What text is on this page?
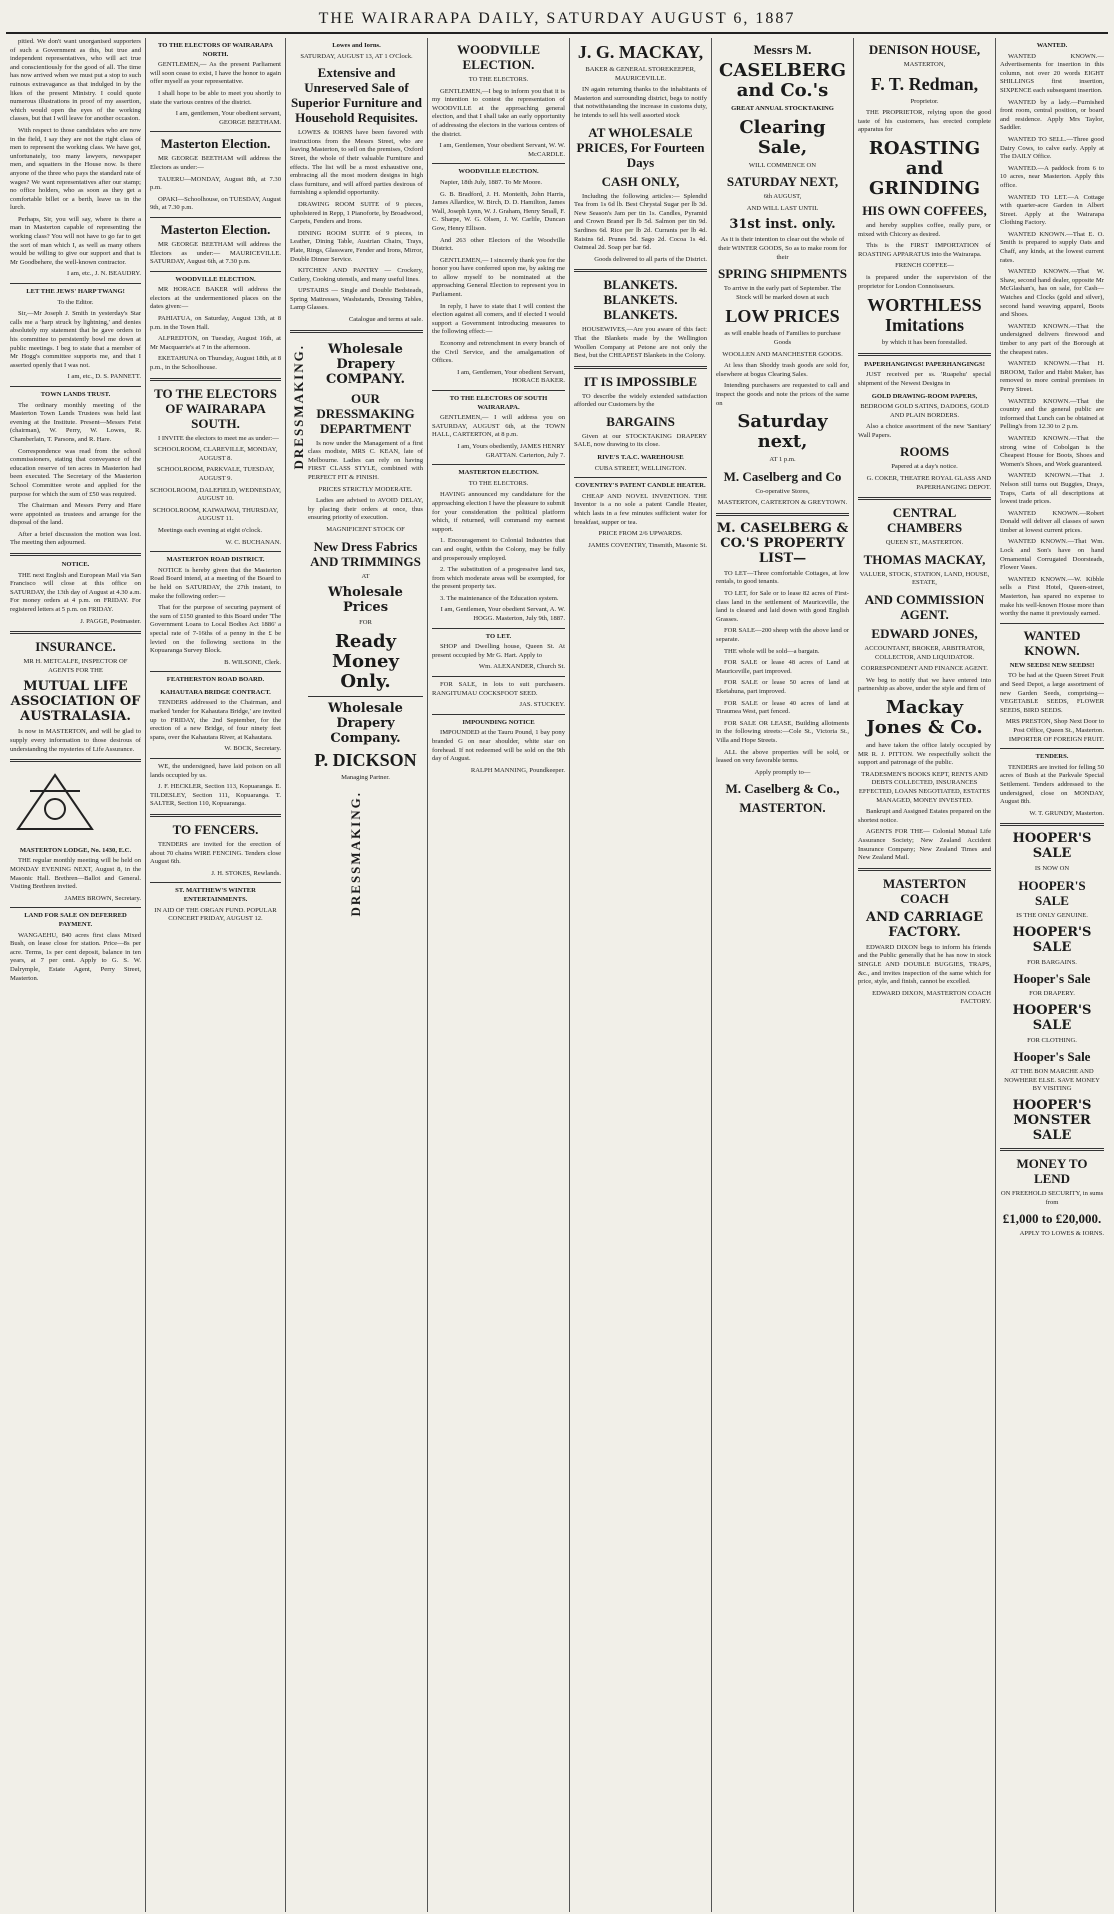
THE WAIRARAPA DAILY, SATURDAY AUGUST 6, 1887

pitied. We don't want unorganised supporters of such a Government as this, but true and independent representatives, who will act true and conscientiously for the good of all. The time has now arrived when we must put a stop to such ruinous extravagance as that indulged in by the likes of the present Ministry. I could quote numerous illustrations in proof of my assertion, which would open the eyes of the working classes, but that I will leave for another occasion.

With respect to those candidates who are now in the field, I say they are not the right class of men to represent the working class. We have got, unfortunately, too many lawyers, newspaper men, and squatters in the House now. Is there anyone of the three who pays the standard rate of wages? We want representatives after our stamp; no office holders, who as soon as they get a comfortable billet or a berth, leave us in the lurch.

Perhaps, Sir, you will say, where is there a man in Masterton capable of representing the working class? You will not have to go far to get the sort of man which I, as well as many others would be willing to give our support and that is Mr Goodbehere, the well-known contractor.

I am, etc., J. N. BEAUDRY.

LET THE JEWS' HARP TWANG!

To the Editor.

Sir,—Mr Joseph J. Smith in yesterday's Star calls me a 'harp struck by lightning,' and denies absolutely my statement that he gave orders to his committee to persistently bowl me down at public meetings. I beg to state that a member of Mr Hogg's committee supports me, and that I asserted openly that I was not.

I am, etc., D. S. PANNETT.

TOWN LANDS TRUST.

The ordinary monthly meeting of the Masterton Town Lands Trustees was held last evening at the Institute. Present—Messrs Feist (chairman), W. Perry, W. Lowes, R. Chamberlain, T. Parsons, and R. Hare.

Correspondence was read from the school commissioners, stating that conveyance of the education reserve of ten acres in Masterton had been executed. The Secretary of the Masterton School Committee wrote and applied for the purpose for which the sum of £50 was required.

The Chairman and Messrs Perry and Hare were appointed as trustees and arrange for the disposal of the land.

After a brief discussion the motion was lost. The meeting then adjourned.

NOTICE.

THE next English and European Mail via San Francisco will close at this office on SATURDAY, the 13th day of August at 4.30 a.m. For money orders at 4 p.m. on FRIDAY. For registered letters at 5 p.m. on FRIDAY.

J. PAGGE, Postmaster.

INSURANCE.

MR H. METCALFE, INSPECTOR OF AGENTS FOR THE

MUTUAL LIFE ASSOCIATION OF AUSTRALASIA.

Is now in MASTERTON, and will be glad to supply every information to those desirous of understanding the mysteries of Life Assurance.

MASTERTON LODGE, No. 1430, E.C.

THE regular monthly meeting will be held on MONDAY EVENING NEXT, August 8, in the Masonic Hall. Brethren—Ballot and General. Visiting Brethren invited.

JAMES BROWN, Secretary.

LAND FOR SALE ON DEFERRED PAYMENT.

WANGAEHU, 840 acres first class Mixed Bush, on lease close for station. Price—8s per acre. Terms, 1s per cent deposit, balance in ten years, at 7 per cent. Apply to G. S. W. Dalrymple, Estate Agent, Perry Street, Masterton.

TO THE ELECTORS OF WAIRARAPA NORTH.

GENTLEMEN,— As the present Parliament will soon cease to exist, I have the honor to again offer myself as your representative.

I shall hope to be able to meet you shortly to state the various centres of the district.

I am, gentlemen, Your obedient servant, GEORGE BEETHAM.

Masterton Election.

MR GEORGE BEETHAM will address the Electors as under:—

TAUERU—MONDAY, August 8th, at 7.30 p.m.

OPAKI—Schoolhouse, on TUESDAY, August 9th, at 7.30 p.m.

Masterton Election.

MR GEORGE BEETHAM will address the Electors as under:— MAURICEVILLE. SATURDAY, August 6th, at 7.30 p.m.

WOODVILLE ELECTION.

MR HORACE BAKER will address the electors at the undermentioned places on the dates given:—

PAHIATUA, on Saturday, August 13th, at 8 p.m. in the Town Hall.

ALFREDTON, on Tuesday, August 16th, at Mr Macquarrie's at 7 in the afternoon.

EKETAHUNA on Thursday, August 18th, at 8 p.m., in the Schoolhouse.

TO THE ELECTORS OF WAIRARAPA SOUTH.

I INVITE the electors to meet me as under:—

SCHOOLROOM, CLAREVILLE, MONDAY, AUGUST 8.

SCHOOLROOM, PARKVALE, TUESDAY, AUGUST 9.

SCHOOLROOM, DALEFIELD, WEDNESDAY, AUGUST 10.

SCHOOLROOM, KAIWAIWAI, THURSDAY, AUGUST 11.

Meetings each evening at eight o'clock.

W. C. BUCHANAN.

MASTERTON ROAD DISTRICT.

NOTICE is hereby given that the Masterton Road Board intend, at a meeting of the Board to be held on SATURDAY, the 27th instant, to make the following order:—

That for the purpose of securing payment of the sum of £150 granted to this Board under 'The Government Loans to Local Bodies Act 1886' a special rate of 7-16ths of a penny in the £ be levied on the following sections in the Kopuaranga Survey Block.

B. WILSONE, Clerk.

FEATHERSTON ROAD BOARD.

KAHAUTARA BRIDGE CONTRACT.

TENDERS addressed to the Chairman, and marked 'tender for Kahautara Bridge,' are invited up to FRIDAY, the 2nd September, for the erection of a new Bridge, of four ninety feet spans, over the Kahautara River, at Kahautara.

W. BOCK, Secretary.

WE, the undersigned, have laid poison on all lands occupied by us.

J. F. HECKLER, Section 113, Kopuaranga. E. TILDESLEY, Section 111, Kopuaranga. T. SALTER, Section 110, Kopuaranga.

TO FENCERS.

TENDERS are invited for the erection of about 70 chains WIRE FENCING. Tenders close August 6th.

J. H. STOKES, Rewlands.

ST. MATTHEW'S WINTER ENTERTAINMENTS.

IN AID OF THE ORGAN FUND. POPULAR CONCERT FRIDAY, AUGUST 12.

Lowes and Iorns.

SATURDAY, AUGUST 13, AT 1 O'Clock.

Extensive and Unreserved Sale of Superior Furniture and Household Requisites.

LOWES & IORNS have been favored with instructions from the Messrs Street, who are leaving Masterton, to sell on the premises, Oxford Street, the whole of their valuable Furniture and effects. The list will be a most exhaustive one, embracing all the most modern designs in high class furniture, and will afford parties desirous of furnishing a splendid opportunity.

DRAWING ROOM SUITE of 9 pieces, upholstered in Repp, 1 Pianoforte, by Broadwood, Carpets, Fenders and Irons.

DINING ROOM SUITE of 9 pieces, in Leather, Dining Table, Austrian Chairs, Trays, Plate, Rings, Glassware, Fender and Irons, Mirror, Double Dinner Service.

KITCHEN AND PANTRY — Crockery, Cutlery, Cooking utensils, and many useful lines.

UPSTAIRS — Single and Double Bedsteads, Spring Mattresses, Washstands, Dressing Tables, Lamp Glasses.

Catalogue and terms at sale.

DRESSMAKING.	Wholesale Drapery COMPANY.

OUR DRESSMAKING DEPARTMENT

Is now under the Management of a first class modiste, MRS C. KEAN, late of Melbourne. Ladies can rely on having FIRST CLASS STYLE, combined with PERFECT FIT & FINISH.

PRICES STRICTLY MODERATE.

Ladies are advised to AVOID DELAY, by placing their orders at once, thus ensuring priority of execution.

MAGNIFICENT STOCK OF

New Dress Fabrics AND TRIMMINGS

AT

Wholesale Prices

FOR

Ready Money Only.

Wholesale Drapery Company.

P. DICKSON

Managing Partner.

DRESSMAKING.

WOODVILLE ELECTION.

TO THE ELECTORS.

GENTLEMEN,—I beg to inform you that it is my intention to contest the representation of WOODVILLE at the approaching general election, and that I shall take an early opportunity of addressing the electors in the various centres of the district.

I am, Gentlemen, Your obedient Servant, W. W. McCARDLE.

WOODVILLE ELECTION.

Napier, 18th July, 1887. To Mr Moore.

G. B. Bradford, J. H. Monteith, John Harris, James Allardice, W. Birch, D. D. Hamilton, James Wall, Joseph Lynn, W. J. Graham, Henry Small, F. C. Sharpe, W. G. Olsen, J. W. Carlile, Duncan Gow, Henry Ellison.

And 263 other Electors of the Woodville District.

GENTLEMEN,— I sincerely thank you for the honor you have conferred upon me, by asking me to allow myself to be nominated at the approaching General Election to represent you in Parliament.

In reply, I have to state that I will contest the election against all comers, and if elected I would support a Government introducing measures to the following effect:—

Economy and retrenchment in every branch of the Civil Service, and the amalgamation of Offices.

I am, Gentlemen, Your obedient Servant, HORACE BAKER.

TO THE ELECTORS OF SOUTH WAIRARAPA.

GENTLEMEN,— I will address you on SATURDAY, AUGUST 6th, at the TOWN HALL, CARTERTON, at 8 p.m.

I am, Yours obediently, JAMES HENRY GRATTAN. Carterton, July 7.

MASTERTON ELECTION.

TO THE ELECTORS.

HAVING announced my candidature for the approaching election I have the pleasure to submit for your consideration the political platform which, if returned, will command my earnest support.

1. Encouragement to Colonial Industries that can and ought, within the Colony, may be fully and prosperously employed.

2. The substitution of a progressive land tax, from which moderate areas will be exempted, for the present property tax.

3. The maintenance of the Education system.

I am, Gentlemen, Your obedient Servant, A. W. HOGG. Masterton, July 9th, 1887.

TO LET.

SHOP and Dwelling house, Queen St. At present occupied by Mr G. Hart. Apply to

Wm. ALEXANDER, Church St.

FOR SALE, in lots to suit purchasers. RANGITUMAU COCKSFOOT SEED.

JAS. STUCKEY.

IMPOUNDING NOTICE

IMPOUNDED at the Tauru Pound, 1 bay pony branded G on near shoulder, white star on forehead. If not redeemed will be sold on the 9th day of August.

RALPH MANNING, Poundkeeper.

J. G. MACKAY,

BAKER & GENERAL STOREKEEPER, MAURICEVILLE.

IN again returning thanks to the inhabitants of Masterton and surrounding district, begs to notify that notwithstanding the increase in customs duty, he intends to sell his well assorted stock

AT WHOLESALE PRICES, For Fourteen Days

CASH ONLY,

Including the following articles:— Splendid Tea from 1s 6d lb. Best Chrystal Sugar per lb 3d. New Season's Jam per tin 1s. Candles, Pyramid and Crown Brand per lb 5d. Salmon per tin 9d. Sardines 6d. Rice per lb 2d. Currants per lb 4d. Raisins 6d. Prunes 5d. Sago 2d. Cocoa 1s 4d. Oatmeal 2d. Soap per bar 6d.

Goods delivered to all parts of the District.

BLANKETS. BLANKETS. BLANKETS.

HOUSEWIVES,—Are you aware of this fact: That the Blankets made by the Wellington Woollen Company at Petone are not only the Best, but the CHEAPEST Blankets in the Colony.

IT IS IMPOSSIBLE

TO describe the widely extended satisfaction afforded our Customers by the

BARGAINS

Given at our STOCKTAKING DRAPERY SALE, now drawing to its close.

RIVE'S T.A.C. WAREHOUSE

CUBA STREET, WELLINGTON.

COVENTRY'S PATENT CANDLE HEATER.

CHEAP AND NOVEL INVENTION. THE Inventor is a no sole a patent Candle Heater, which lasts in a few minutes sufficient water for breakfast, supper or tea.

PRICE FROM 2/6 UPWARDS.

JAMES COVENTRY, Tinsmith, Masonic St.

Messrs M.

CASELBERG and Co.'s

GREAT ANNUAL STOCKTAKING

Clearing Sale,

WILL COMMENCE ON

SATURDAY NEXT,

6th AUGUST,

AND WILL LAST UNTIL

31st inst. only.

As it is their intention to clear out the whole of their WINTER GOODS, So as to make room for their

SPRING SHIPMENTS

To arrive in the early part of September. The Stock will be marked down at such

LOW PRICES

as will enable heads of Families to purchase Goods

WOOLLEN AND MANCHESTER GOODS.

At less than Shoddy trash goods are sold for, elsewhere at bogus Clearing Sales.

Intending purchasers are requested to call and inspect the goods and note the prices of the same on

Saturday next,

AT 1 p.m.

M. Caselberg and Co

Co-operative Stores,

MASTERTON, CARTERTON & GREYTOWN.

M. CASELBERG & CO.'S PROPERTY LIST—

TO LET—Three comfortable Cottages, at low rentals, to good tenants.

TO LET, for Sale or to lease 82 acres of First-class land in the settlement of Mauriceville, the land is cleared and laid down with good English Grasses.

FOR SALE—200 sheep with the above land or separate.

THE whole will be sold—a bargain.

FOR SALE or lease 48 acres of Land at Mauriceville, part improved.

FOR SALE or lease 50 acres of land at Eketahuna, part improved.

FOR SALE or lease 40 acres of land at Tiraumea West, part fenced.

FOR SALE OR LEASE, Building allotments in the following streets:—Cole St., Victoria St., Villa and Hope Streets.

ALL the above properties will be sold, or leased on very favorable terms.

Apply promptly to—

M. Caselberg & Co.,

MASTERTON.

DENISON HOUSE,

MASTERTON,

F. T. Redman,

Proprietor.

THE PROPRIETOR, relying upon the good taste of his customers, has erected complete apparatus for

ROASTING and GRINDING

HIS OWN COFFEES,

and hereby supplies coffee, really pure, or mixed with Chicory as desired.

This is the FIRST IMPORTATION of ROASTING APPARATUS into the Wairarapa.

FRENCH COFFEE—

is prepared under the supervision of the proprietor for London Connoisseurs.

WORTHLESS Imitations

by which it has been forestalled.

PAPERHANGINGS! PAPERHANGINGS!

JUST received per ss. 'Ruapehu' special shipment of the Newest Designs in

GOLD DRAWING-ROOM PAPERS,

BEDROOM GOLD SATINS, DADOES, GOLD AND PLAIN BORDERS.

Also a choice assortment of the new 'Sanitary' Wall Papers.

ROOMS

Papered at a day's notice.

G. COKER, THEATRE ROYAL GLASS AND PAPERHANGING DEPOT.

CENTRAL CHAMBERS

QUEEN ST., MASTERTON.

THOMAS MACKAY,

VALUER, STOCK, STATION, LAND, HOUSE, ESTATE,

AND COMMISSION AGENT.

EDWARD JONES,

ACCOUNTANT, BROKER, ARBITRATOR, COLLECTOR, AND LIQUIDATOR.

CORRESPONDENT AND FINANCE AGENT.

We beg to notify that we have entered into partnership as above, under the style and firm of

Mackay Jones & Co.

and have taken the office lately occupied by MR R. J. PITTON. We respectfully solicit the support and patronage of the public.

TRADESMEN'S BOOKS KEPT, RENTS AND DEBTS COLLECTED, INSURANCES EFFECTED, LOANS NEGOTIATED, ESTATES MANAGED, MONEY INVESTED.

Bankrupt and Assigned Estates prepared on the shortest notice.

AGENTS FOR THE— Colonial Mutual Life Assurance Society; New Zealand Accident Insurance Company; New Zealand Times and New Zealand Mail.

MASTERTON COACH

AND CARRIAGE FACTORY.

EDWARD DIXON begs to inform his friends and the Public generally that he has now in stock SINGLE AND DOUBLE BUGGIES, TRAPS, &c., and invites inspection of the same which for price, style, and finish, cannot be excelled.

EDWARD DIXON, MASTERTON COACH FACTORY.

WANTED.

WANTED KNOWN.—Advertisements for insertion in this column, not over 20 words EIGHT SHILLINGS first insertion, SIXPENCE each subsequent insertion.

WANTED by a lady.—Furnished front room, central position, or board and residence. Apply Mrs Taylor, Saddler.

WANTED TO SELL.—Three good Dairy Cows, to calve early. Apply at The DAILY Office.

WANTED.—A paddock from 6 to 10 acres, near Masterton. Apply this office.

WANTED TO LET.—A Cottage with quarter-acre Garden in Albert Street. Apply at the Wairarapa Clothing Factory.

WANTED KNOWN.—That E. O. Smith is prepared to supply Oats and Chaff, any kinds, at the lowest current rates.

WANTED KNOWN.—That W. Shaw, second hand dealer, opposite Mr McGlashan's, has on sale, for Cash—Watches and Clocks (gold and silver), second hand weaving apparel, Boots and Shoes.

WANTED KNOWN.—That the undersigned delivers firewood and timber to any part of the Borough at the cheapest rates.

WANTED KNOWN.—That H. BROOM, Tailor and Habit Maker, has removed to more central premises in Perry Street.

WANTED KNOWN.—That the country and the general public are informed that Lunch can be obtained at Pelling's from 12.30 to 2 p.m.

WANTED KNOWN.—That the strong wine of Cobolgan is the Cheapest House for Boots, Shoes and Women's Shoes, and Work guaranteed.

WANTED KNOWN.—That J. Nelson still turns out Buggies, Drays, Traps, Carts of all descriptions at lowest trade prices.

WANTED KNOWN.—Robert Donald will deliver all classes of sawn timber at lowest current prices.

WANTED KNOWN.—That Wm. Lock and Son's have on hand Ornamental Corrugated Doorsteads, Flower Vases.

WANTED KNOWN.—W. Kibble sells a First Hotel, Queen-street, Masterton, has spared no expense to make his well-known House more than worthy the name it previously earned.

WANTED KNOWN.

NEW SEEDS! NEW SEEDS!!

TO be had at the Queen Street Fruit and Seed Depot, a large assortment of new Garden Seeds, comprising— VEGETABLE SEEDS, FLOWER SEEDS, BIRD SEEDS.

MRS PRESTON, Shop Next Door to Post Office, Queen St., Masterton. IMPORTER OF FOREIGN FRUIT.

TENDERS.

TENDERS are invited for felling 50 acres of Bush at the Parkvale Special Settlement. Tenders addressed to the undersigned, close on MONDAY, August 8th.

W. T. GRUNDY, Masterton.

HOOPER'S SALE

IS NOW ON

HOOPER'S SALE

IS THE ONLY GENUINE.

HOOPER'S SALE

FOR BARGAINS.

Hooper's Sale

FOR DRAPERY.

HOOPER'S SALE

FOR CLOTHING.

Hooper's Sale

AT THE BON MARCHE AND NOWHERE ELSE. SAVE MONEY BY VISITING

HOOPER'S MONSTER SALE

MONEY TO LEND

ON FREEHOLD SECURITY, in sums from

£1,000 to £20,000.

APPLY TO LOWES & IORNS.
